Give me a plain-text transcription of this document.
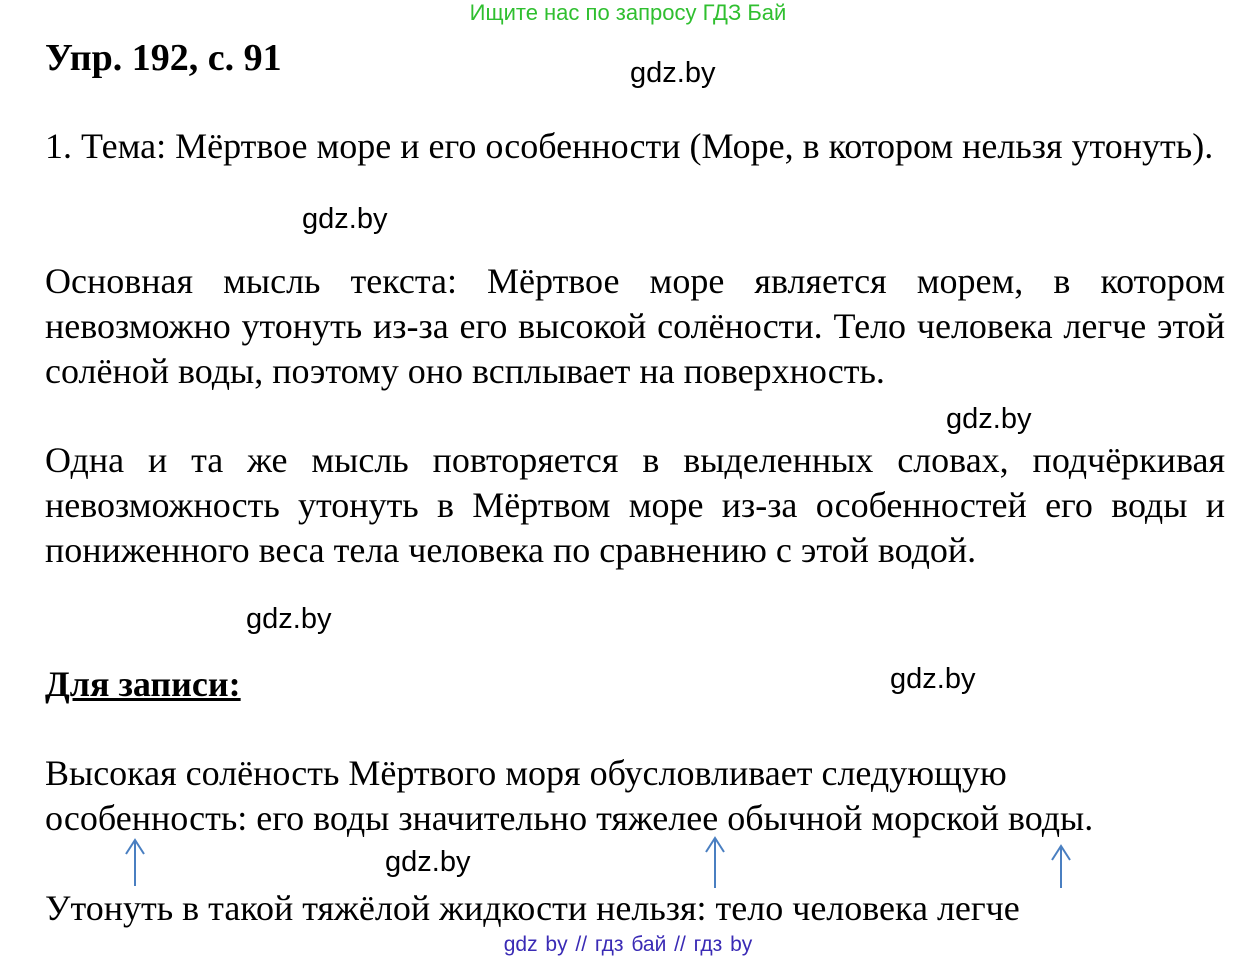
Ищите нас по запросу ГДЗ Бай
Упр. 192, с. 91	gdz.by
1. Тема: Мёртвое море и его особенности (Море, в котором нельзя утонуть).
gdz.by
Основная мысль текста: Мёртвое море является морем, в котором невозможно утонуть из-за его высокой солёности. Тело человека легче этой солёной воды, поэтому оно всплывает на поверхность.
gdz.by
Одна и та же мысль повторяется в выделенных словах, подчёркивая невозможность утонуть в Мёртвом море из-за особенностей его воды и пониженного веса тела человека по сравнению с этой водой.
gdz.by
Для записи:	gdz.by
Высокая солёность Мёртвого моря обусловливает следующую
особенность: его воды значительно тяжелее обычной морской воды.
gdz.by
Утонуть в такой тяжёлой жидкости нельзя: тело человека легче
gdz by // гдз бай // гдз by
